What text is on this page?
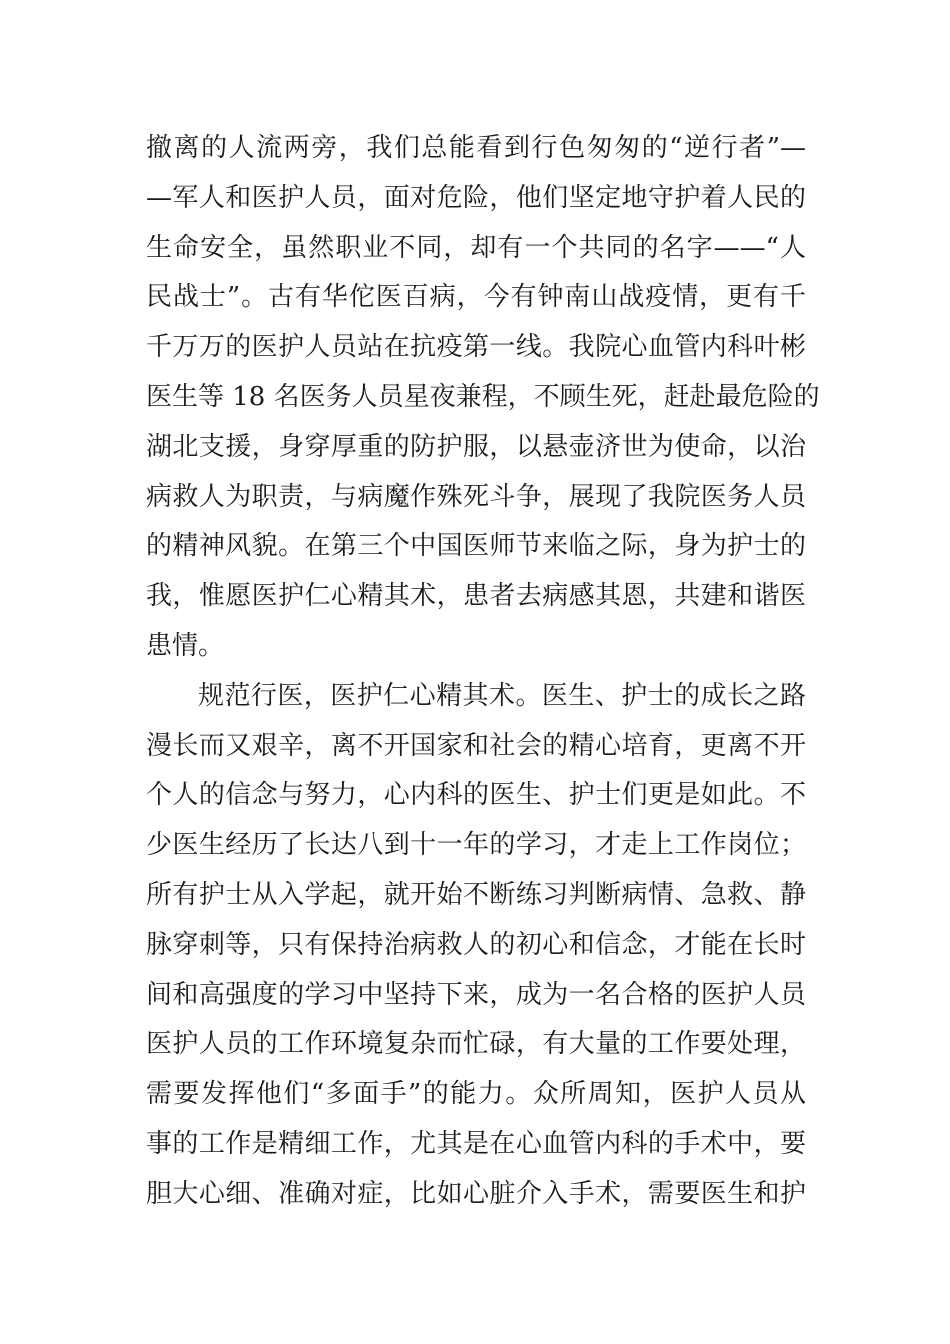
撤离的人流两旁，我们总能看到行色匆匆的“逆行者”—
—军人和医护人员，面对危险，他们坚定地守护着人民的
生命安全，虽然职业不同，却有一个共同的名字——“人
民战士”。古有华佗医百病，今有钟南山战疫情，更有千
千万万的医护人员站在抗疫第一线。我院心血管内科叶彬
医生等 18 名医务人员星夜兼程，不顾生死，赶赴最危险的
湖北支援，身穿厚重的防护服，以悬壶济世为使命，以治
病救人为职责，与病魔作殊死斗争，展现了我院医务人员
的精神风貌。在第三个中国医师节来临之际，身为护士的
我，惟愿医护仁心精其术，患者去病感其恩，共建和谐医
患情。
规范行医，医护仁心精其术。医生、护士的成长之路
漫长而又艰辛，离不开国家和社会的精心培育，更离不开
个人的信念与努力，心内科的医生、护士们更是如此。不
少医生经历了长达八到十一年的学习，才走上工作岗位；
所有护士从入学起，就开始不断练习判断病情、急救、静
脉穿刺等，只有保持治病救人的初心和信念，才能在长时
间和高强度的学习中坚持下来，成为一名合格的医护人员
医护人员的工作环境复杂而忙碌，有大量的工作要处理，
需要发挥他们“多面手”的能力。众所周知，医护人员从
事的工作是精细工作，尤其是在心血管内科的手术中，要
胆大心细、准确对症，比如心脏介入手术，需要医生和护
